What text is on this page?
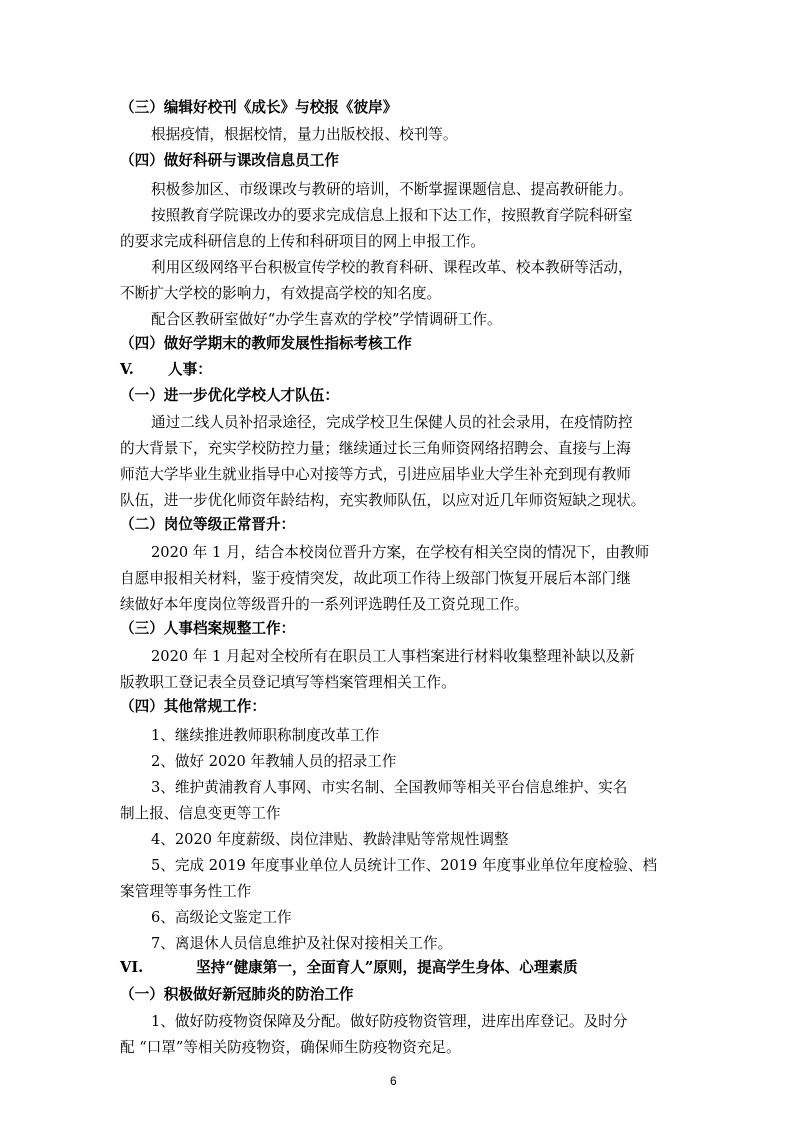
（三）编辑好校刊《成长》与校报《彼岸》
根据疫情，根据校情，量力出版校报、校刊等。
（四）做好科研与课改信息员工作
积极参加区、市级课改与教研的培训，不断掌握课题信息、提高教研能力。
按照教育学院课改办的要求完成信息上报和下达工作，按照教育学院科研室
的要求完成科研信息的上传和科研项目的网上申报工作。
利用区级网络平台积极宣传学校的教育科研、课程改革、校本教研等活动，
不断扩大学校的影响力，有效提高学校的知名度。
配合区教研室做好“办学生喜欢的学校”学情调研工作。
（四）做好学期末的教师发展性指标考核工作
V. 人事：
（一）进一步优化学校人才队伍：
通过二线人员补招录途径，完成学校卫生保健人员的社会录用，在疫情防控
的大背景下，充实学校防控力量；继续通过长三角师资网络招聘会、直接与上海
师范大学毕业生就业指导中心对接等方式，引进应届毕业大学生补充到现有教师
队伍，进一步优化师资年龄结构，充实教师队伍，以应对近几年师资短缺之现状。
（二）岗位等级正常晋升：
2020 年 1 月，结合本校岗位晋升方案，在学校有相关空岗的情况下，由教师
自愿申报相关材料，鉴于疫情突发，故此项工作待上级部门恢复开展后本部门继
续做好本年度岗位等级晋升的一系列评选聘任及工资兑现工作。
（三）人事档案规整工作：
2020 年 1 月起对全校所有在职员工人事档案进行材料收集整理补缺以及新
版教职工登记表全员登记填写等档案管理相关工作。
（四）其他常规工作：
1、继续推进教师职称制度改革工作
2、做好 2020 年教辅人员的招录工作
3、维护黄浦教育人事网、市实名制、全国教师等相关平台信息维护、实名
制上报、信息变更等工作
4、2020 年度薪级、岗位津贴、教龄津贴等常规性调整
5、完成 2019 年度事业单位人员统计工作、2019 年度事业单位年度检验、档
案管理等事务性工作
6、高级论文鉴定工作
7、离退休人员信息维护及社保对接相关工作。
VI.	坚持“健康第一，全面育人”原则，提高学生身体、心理素质
（一）积极做好新冠肺炎的防治工作
1、做好防疫物资保障及分配。做好防疫物资管理，进库出库登记。及时分
配 “口罩”等相关防疫物资，确保师生防疫物资充足。
6
